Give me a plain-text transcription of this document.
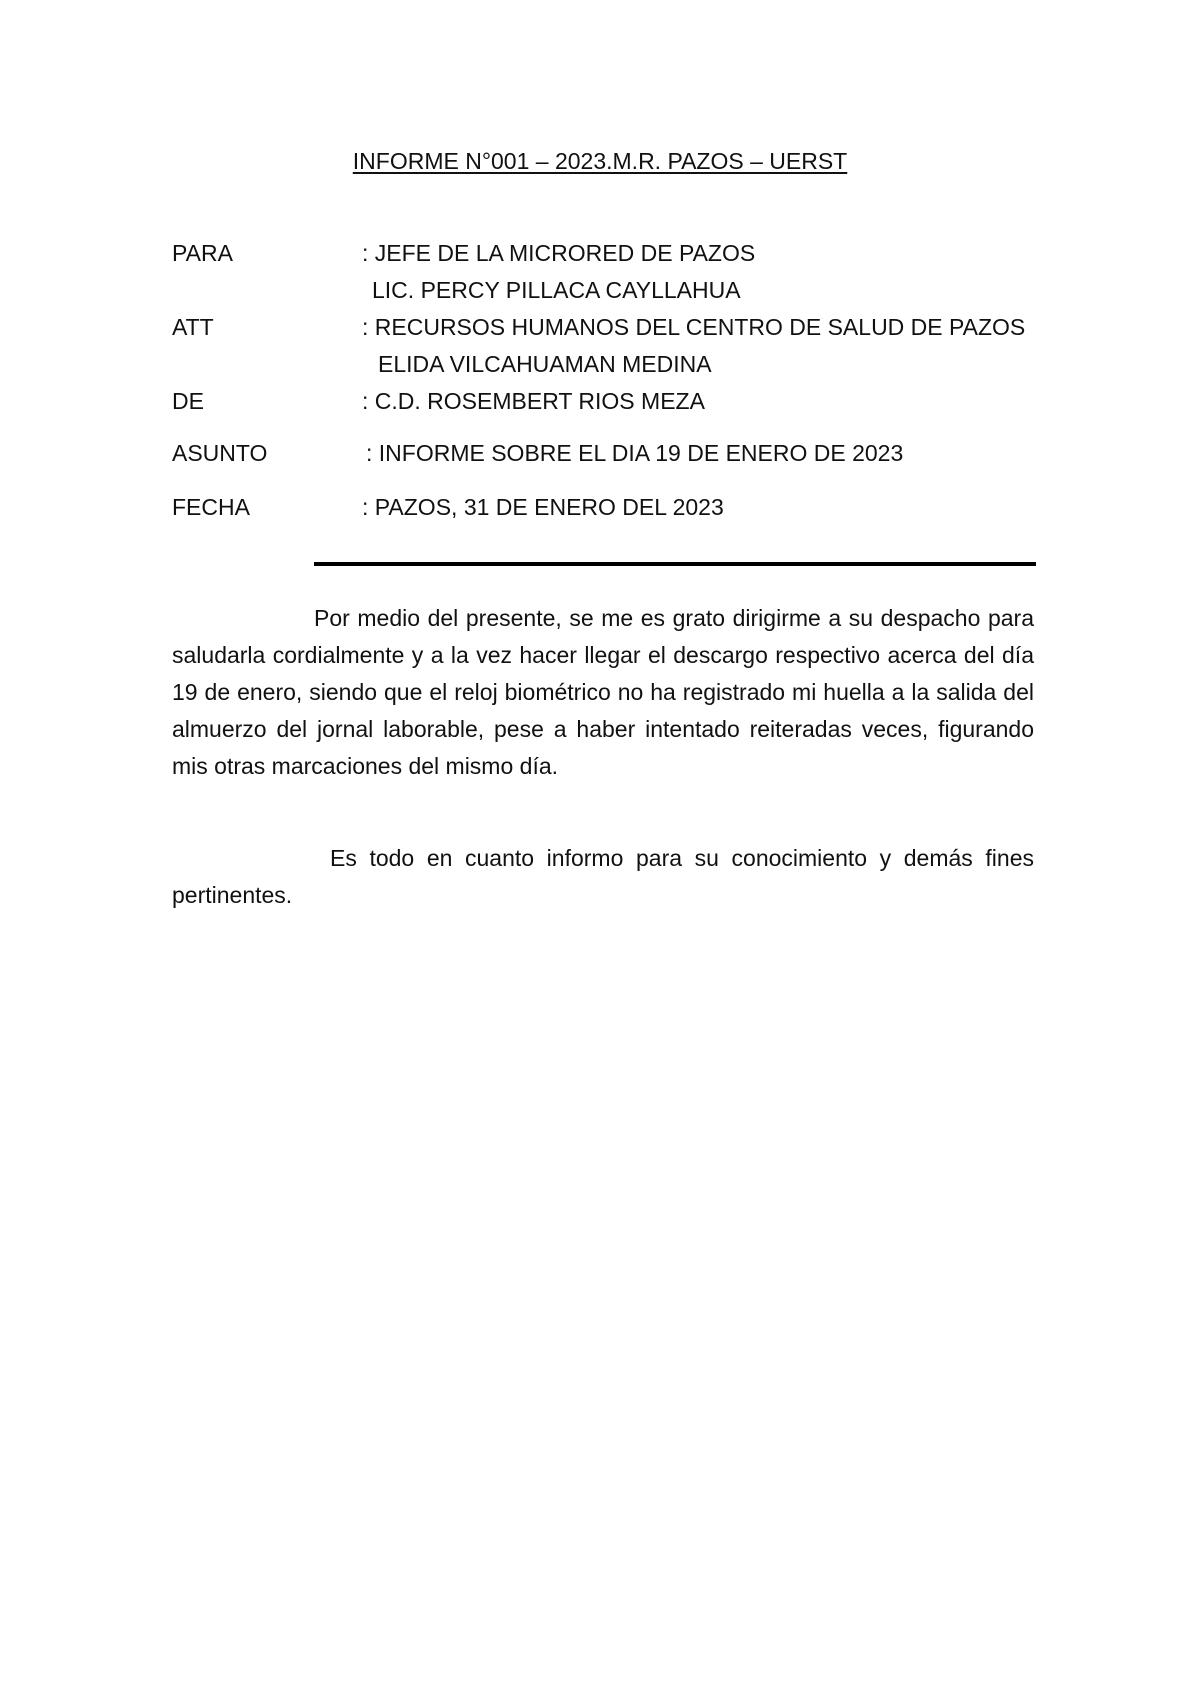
INFORME N°001 – 2023.M.R. PAZOS – UERST
PARA	: JEFE DE LA MICRORED DE PAZOS
LIC. PERCY PILLACA CAYLLAHUA
ATT	: RECURSOS HUMANOS DEL CENTRO DE SALUD DE PAZOS
ELIDA VILCAHUAMAN MEDINA
DE	: C.D. ROSEMBERT RIOS MEZA
ASUNTO	: INFORME SOBRE EL DIA 19 DE ENERO DE 2023
FECHA	: PAZOS, 31 DE ENERO DEL 2023
Por medio del presente, se me es grato dirigirme a su despacho para saludarla cordialmente y a la vez hacer llegar el descargo respectivo acerca del día 19 de enero, siendo que el reloj biométrico no ha registrado mi huella a la salida del almuerzo del jornal laborable, pese a haber intentado reiteradas veces, figurando mis otras marcaciones del mismo día.
Es todo en cuanto informo para su conocimiento y demás fines pertinentes.
